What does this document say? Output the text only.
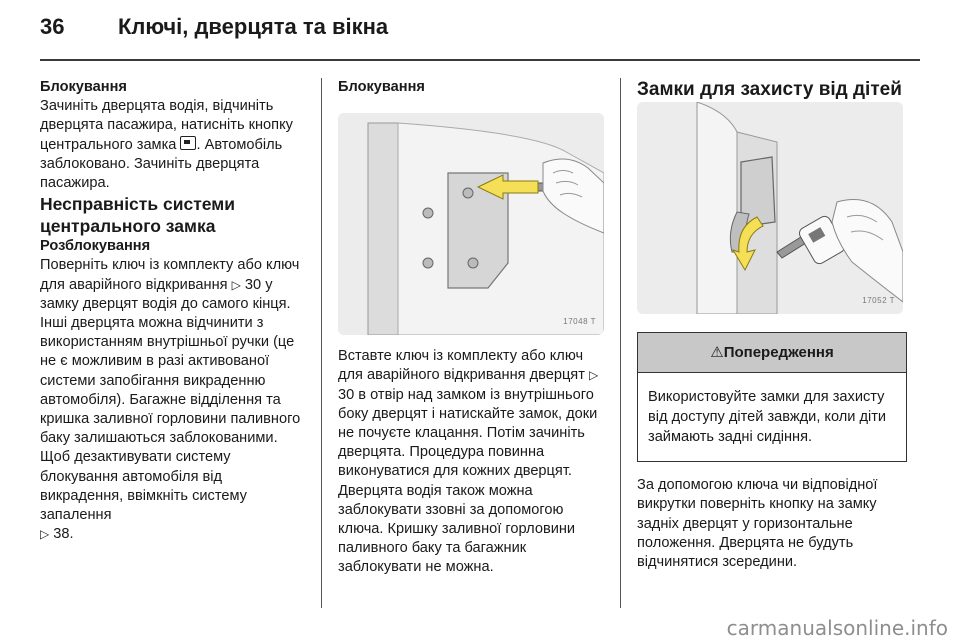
36 Ключі, дверцята та вікна

Блокування

Зачиніть дверцята водія, відчиніть дверцята пасажира, натисніть кнопку центрального замка . Автомобіль заблоковано. Зачиніть дверцята пасажира.

Несправність системи центрального замка

Розблокування

Поверніть ключ із комплекту або ключ для аварійного відкривання ▷ 30 у замку дверцят водія до самого кінця. Інші дверцята можна відчинити з використанням внутрішньої ручки (це не є можливим в разі активованої системи запобігання викраденню автомобіля). Багажне відділення та кришка заливної горловини паливного баку залишаються заблокованими. Щоб дезактивувати систему блокування автомобіля від викрадення, ввімкніть систему запалення
▷ 38.

Блокування

17048 T

Вставте ключ із комплекту або ключ для аварійного відкривання дверцят ▷ 30 в отвір над замком із внутрішнього боку дверцят і натискайте замок, доки не почуєте клацання. Потім зачиніть дверцята. Процедура повинна виконуватися для кожних дверцят. Дверцята водія також можна заблокувати ззовні за допомогою ключа. Кришку заливної горловини паливного баку та багажник заблокувати не можна.

Замки для захисту від дітей

17052 T
⚠Попередження
Використовуйте замки для захисту від доступу дітей завжди, коли діти займають задні сидіння.

За допомогою ключа чи відповідної викрутки поверніть кнопку на замку задніх дверцят у горизонтальне положення. Дверцята не будуть відчинятися зсередини.

carmanualsonline.info
